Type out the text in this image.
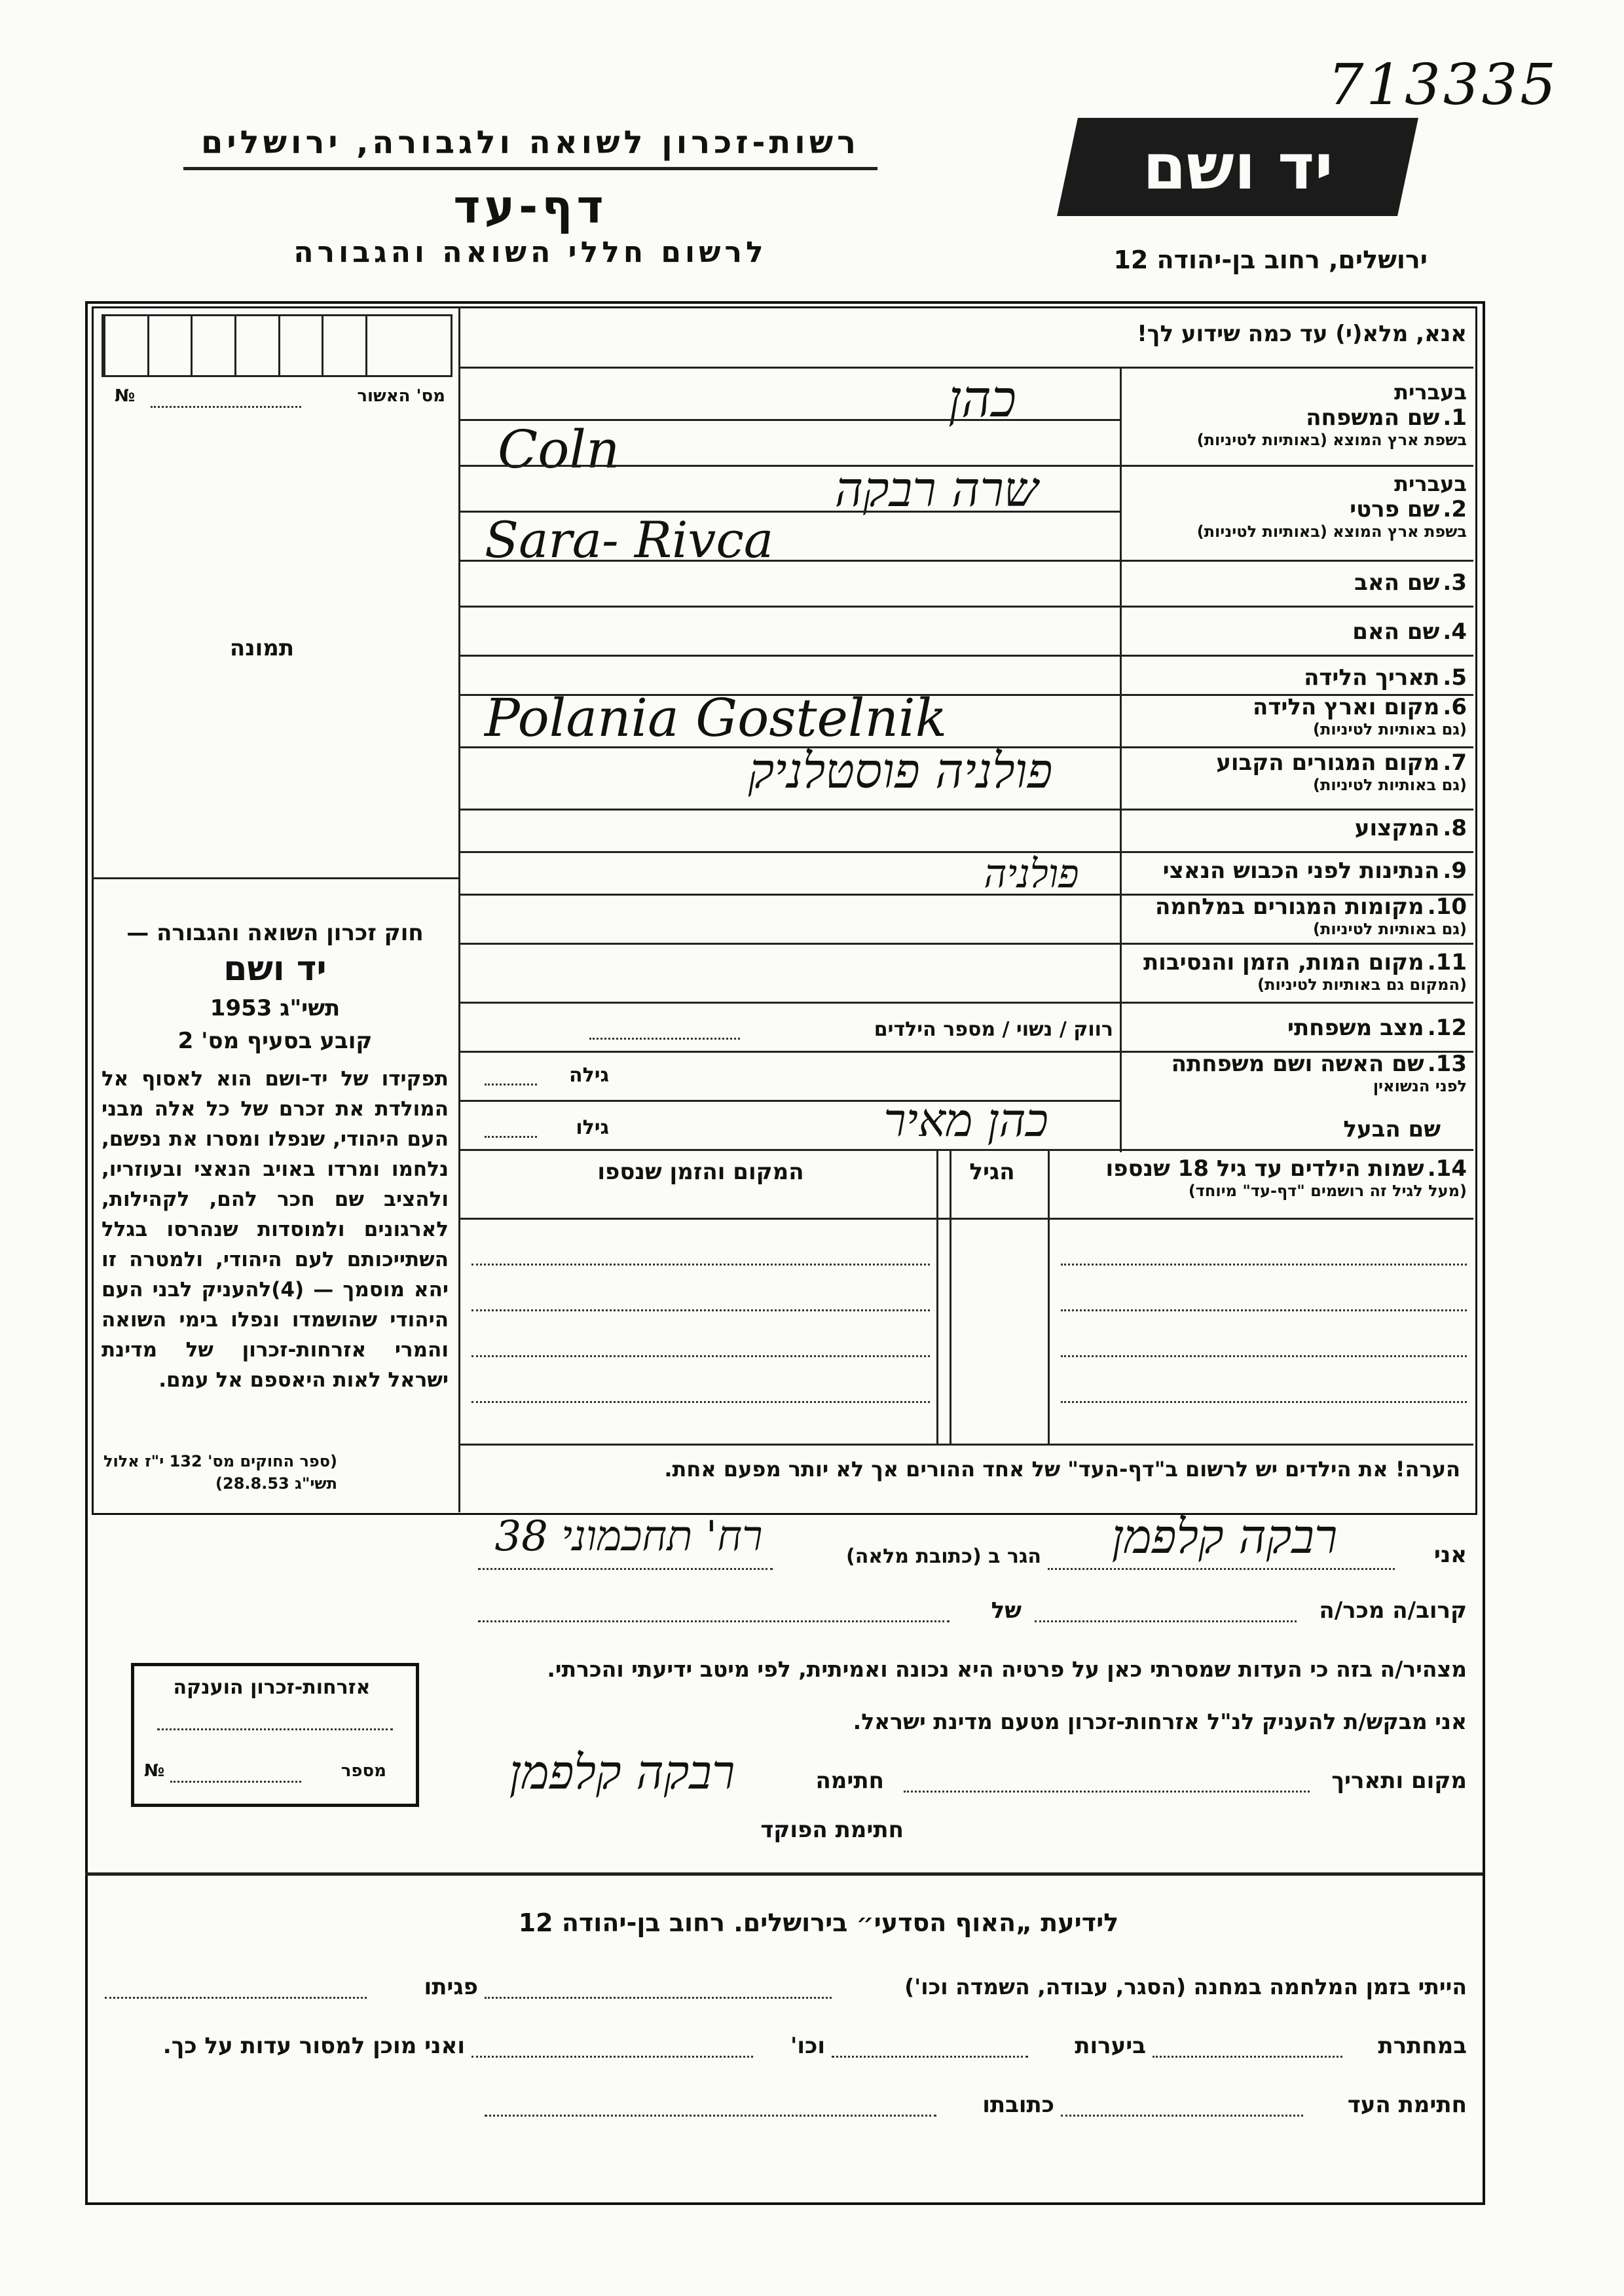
713335
יד ושם
רשות-זכרון לשואה ולגבורה, ירושלים
דף-עד
לרשום חללי השואה והגבורה	ירושלים, רחוב בן-יהודה 12
מס' האשור
№
תמונה
חוק זכרון השואה והגבורה —
יד ושם
תשי"ג 1953
קובע בסעיף מס' 2
תפקידו של יד-ושם הוא לאסוף אל המולדת את זכרם של כל אלה מבני העם היהודי, שנפלו ומסרו את נפשם, נלחמו ומרדו באויב הנאצי ובעוזריו, ולהציב שם חכר להם, לקהילות, לארגונים ולמוסדות שנהרסו בגלל השתייכותם לעם היהודי, ולמטרה זו יהא מוסמך — (4)להעניק לבני העם היהודי שהושמדו ונפלו בימי השואה והמרי אזרחות-זכרון של מדינת ישראל לאות היאספם אל עמם.
(ספר החוקים מס' 132 י"ז אלול תשי"ג 28.8.53)
אזרחות-זכרון הוענקה
מספר
№
אנא, מלא(י) עד כמה שידוע לך!
בעברית
1. שם המשפחה
בשפת ארץ המוצא (באותיות לטיניות)
כהן
Coln
בעברית
2. שם פרטי
בשפת ארץ המוצא (באותיות לטיניות)
שרה רבקה
Sara- Rivca
3. שם האב
4. שם האם
5. תאריך הלידה
6. מקום וארץ הלידה
(גם באותיות לטיניות)
Polania Gostelnik
7. מקום המגורים הקבוע
(גם באותיות לטיניות)
פולניה פוסטלניק
8. המקצוע
9. הנתינות לפני הכבוש הנאצי
פולניה
10. מקומות המגורים במלחמה
(גם באותיות לטיניות)
11. מקום המות, הזמן והנסיבות
(המקום גם באותיות לטיניות)
12. מצב משפחתי
רווק / נשוי / מספר הילדים
13. שם האשה ושם משפחתה
לפני הנשואין
גילה
שם הבעל
כהן מאיר
גילו
14. שמות הילדים עד גיל 18 שנספו
(מעל לגיל זה רושמים "דף-עד" מיוחד)
הגיל
המקום והזמן שנספו
הערה! את הילדים יש לרשום ב"דף-העד" של אחד ההורים אך לא יותר מפעם אחת.
אני
רבקה קלפמן
הגר ב (כתובת מלאה)
רח' תחכמוני 38
קרוב/ה מכר/ה
של
מצהיר/ה בזה כי העדות שמסרתי כאן על פרטיה היא נכונה ואמיתית, לפי מיטב ידיעתי והכרתי.
אני מבקש/ת להעניק לנ"ל אזרחות-זכרון מטעם מדינת ישראל.
מקום ותאריך
חתימה
רבקה קלפמן
חתימת הפוקד
לידיעת „האוף הסדעי״ בירושלים. רחוב בן-יהודה 12
הייתי בזמן המלחמה במחנה (הסגר, עבודה, השמדה וכו')
פגיתו
במחתרת
ביערות
וכו'
ואני מוכן למסור עדות על כך.
חתימת העד
כתובתו
